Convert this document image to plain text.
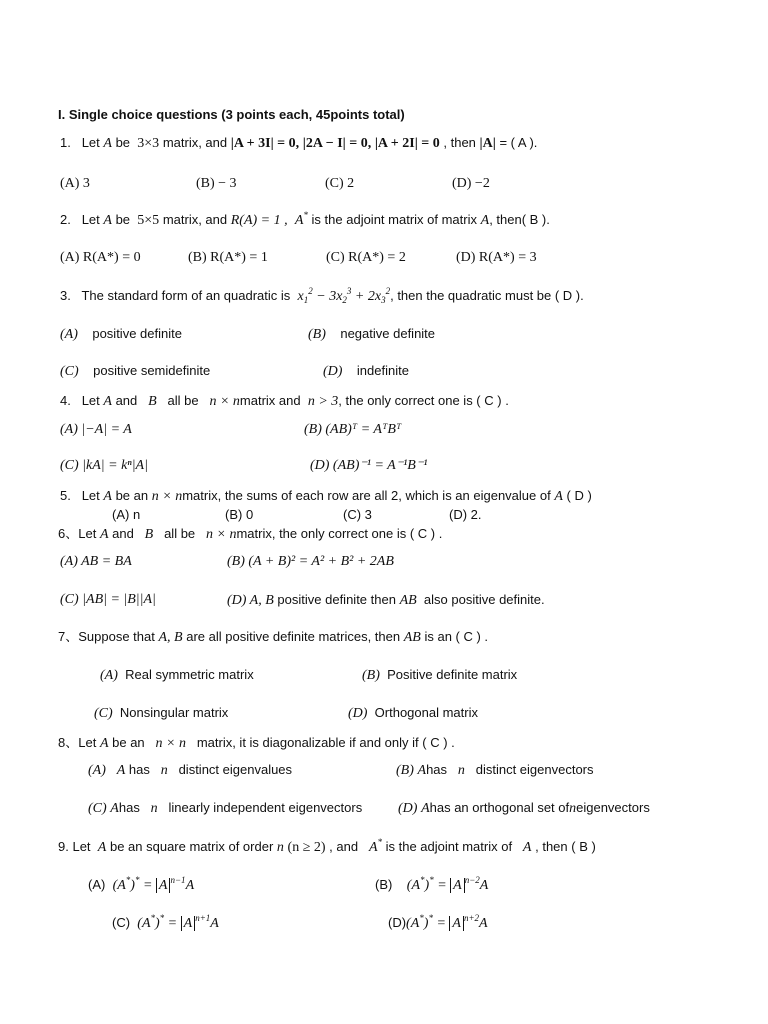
I. Single choice questions (3 points each, 45points total)
1. Let A be 3×3 matrix, and |A + 3I| = 0, |2A − I| = 0, |A + 2I| = 0 , then |A| = ( A ).
(A) 3	(B) − 3	(C) 2	(D) −2
2. Let A be 5×5 matrix, and R(A) = 1 , A* is the adjoint matrix of matrix A, then( B ).
(A) R(A*) = 0	(B) R(A*) = 1	(C) R(A*) = 2	(D) R(A*) = 3
3. The standard form of an quadratic is $x_1^2 - 3x_2^3 + 2x_3^2$, then the quadratic must be ( D ).
(A) positive definite	(B) negative definite
(C) positive semidefinite	(D) indefinite
4. Let A and B all be n × nmatrix and n > 3, the only correct one is ( C ) .
(A) |−A| = A	(B) (AB)ᵀ = AᵀBᵀ
(C) |kA| = kⁿ|A|	(D) (AB)⁻¹ = A⁻¹B⁻¹
5. Let A be an n × nmatrix, the sums of each row are all 2, which is an eigenvalue of A ( D )
(A) n	(B) 0	(C) 3	(D) 2.
6、Let A and B all be n × nmatrix, the only correct one is ( C ) .
(A) AB = BA	(B) (A + B)² = A² + B² + 2AB
(C) |AB| = |B||A|	(D) A, B positive definite then AB also positive definite.
7、Suppose that A, B are all positive definite matrices, then AB is an ( C ) .
(A) Real symmetric matrix	(B) Positive definite matrix
(C) Nonsingular matrix	(D) Orthogonal matrix
8、Let A be an n × n matrix, it is diagonalizable if and only if ( C ) .
(A) A has n distinct eigenvalues	(B) Ahas n distinct eigenvectors
(C) Ahas n linearly independent eigenvectors	(D) Ahas an orthogonal set ofneigenvectors
9. Let A be an square matrix of order n (n ≥ 2) , and A* is the adjoint matrix of A , then ( B )
(A) (A*)* = A $^{n-1}$A	(B) (A*)* = A $^{n-2}$A
(C) (A*)* = A $^{n+1}$A	(D)(A*)* = A $^{n+2}$A
